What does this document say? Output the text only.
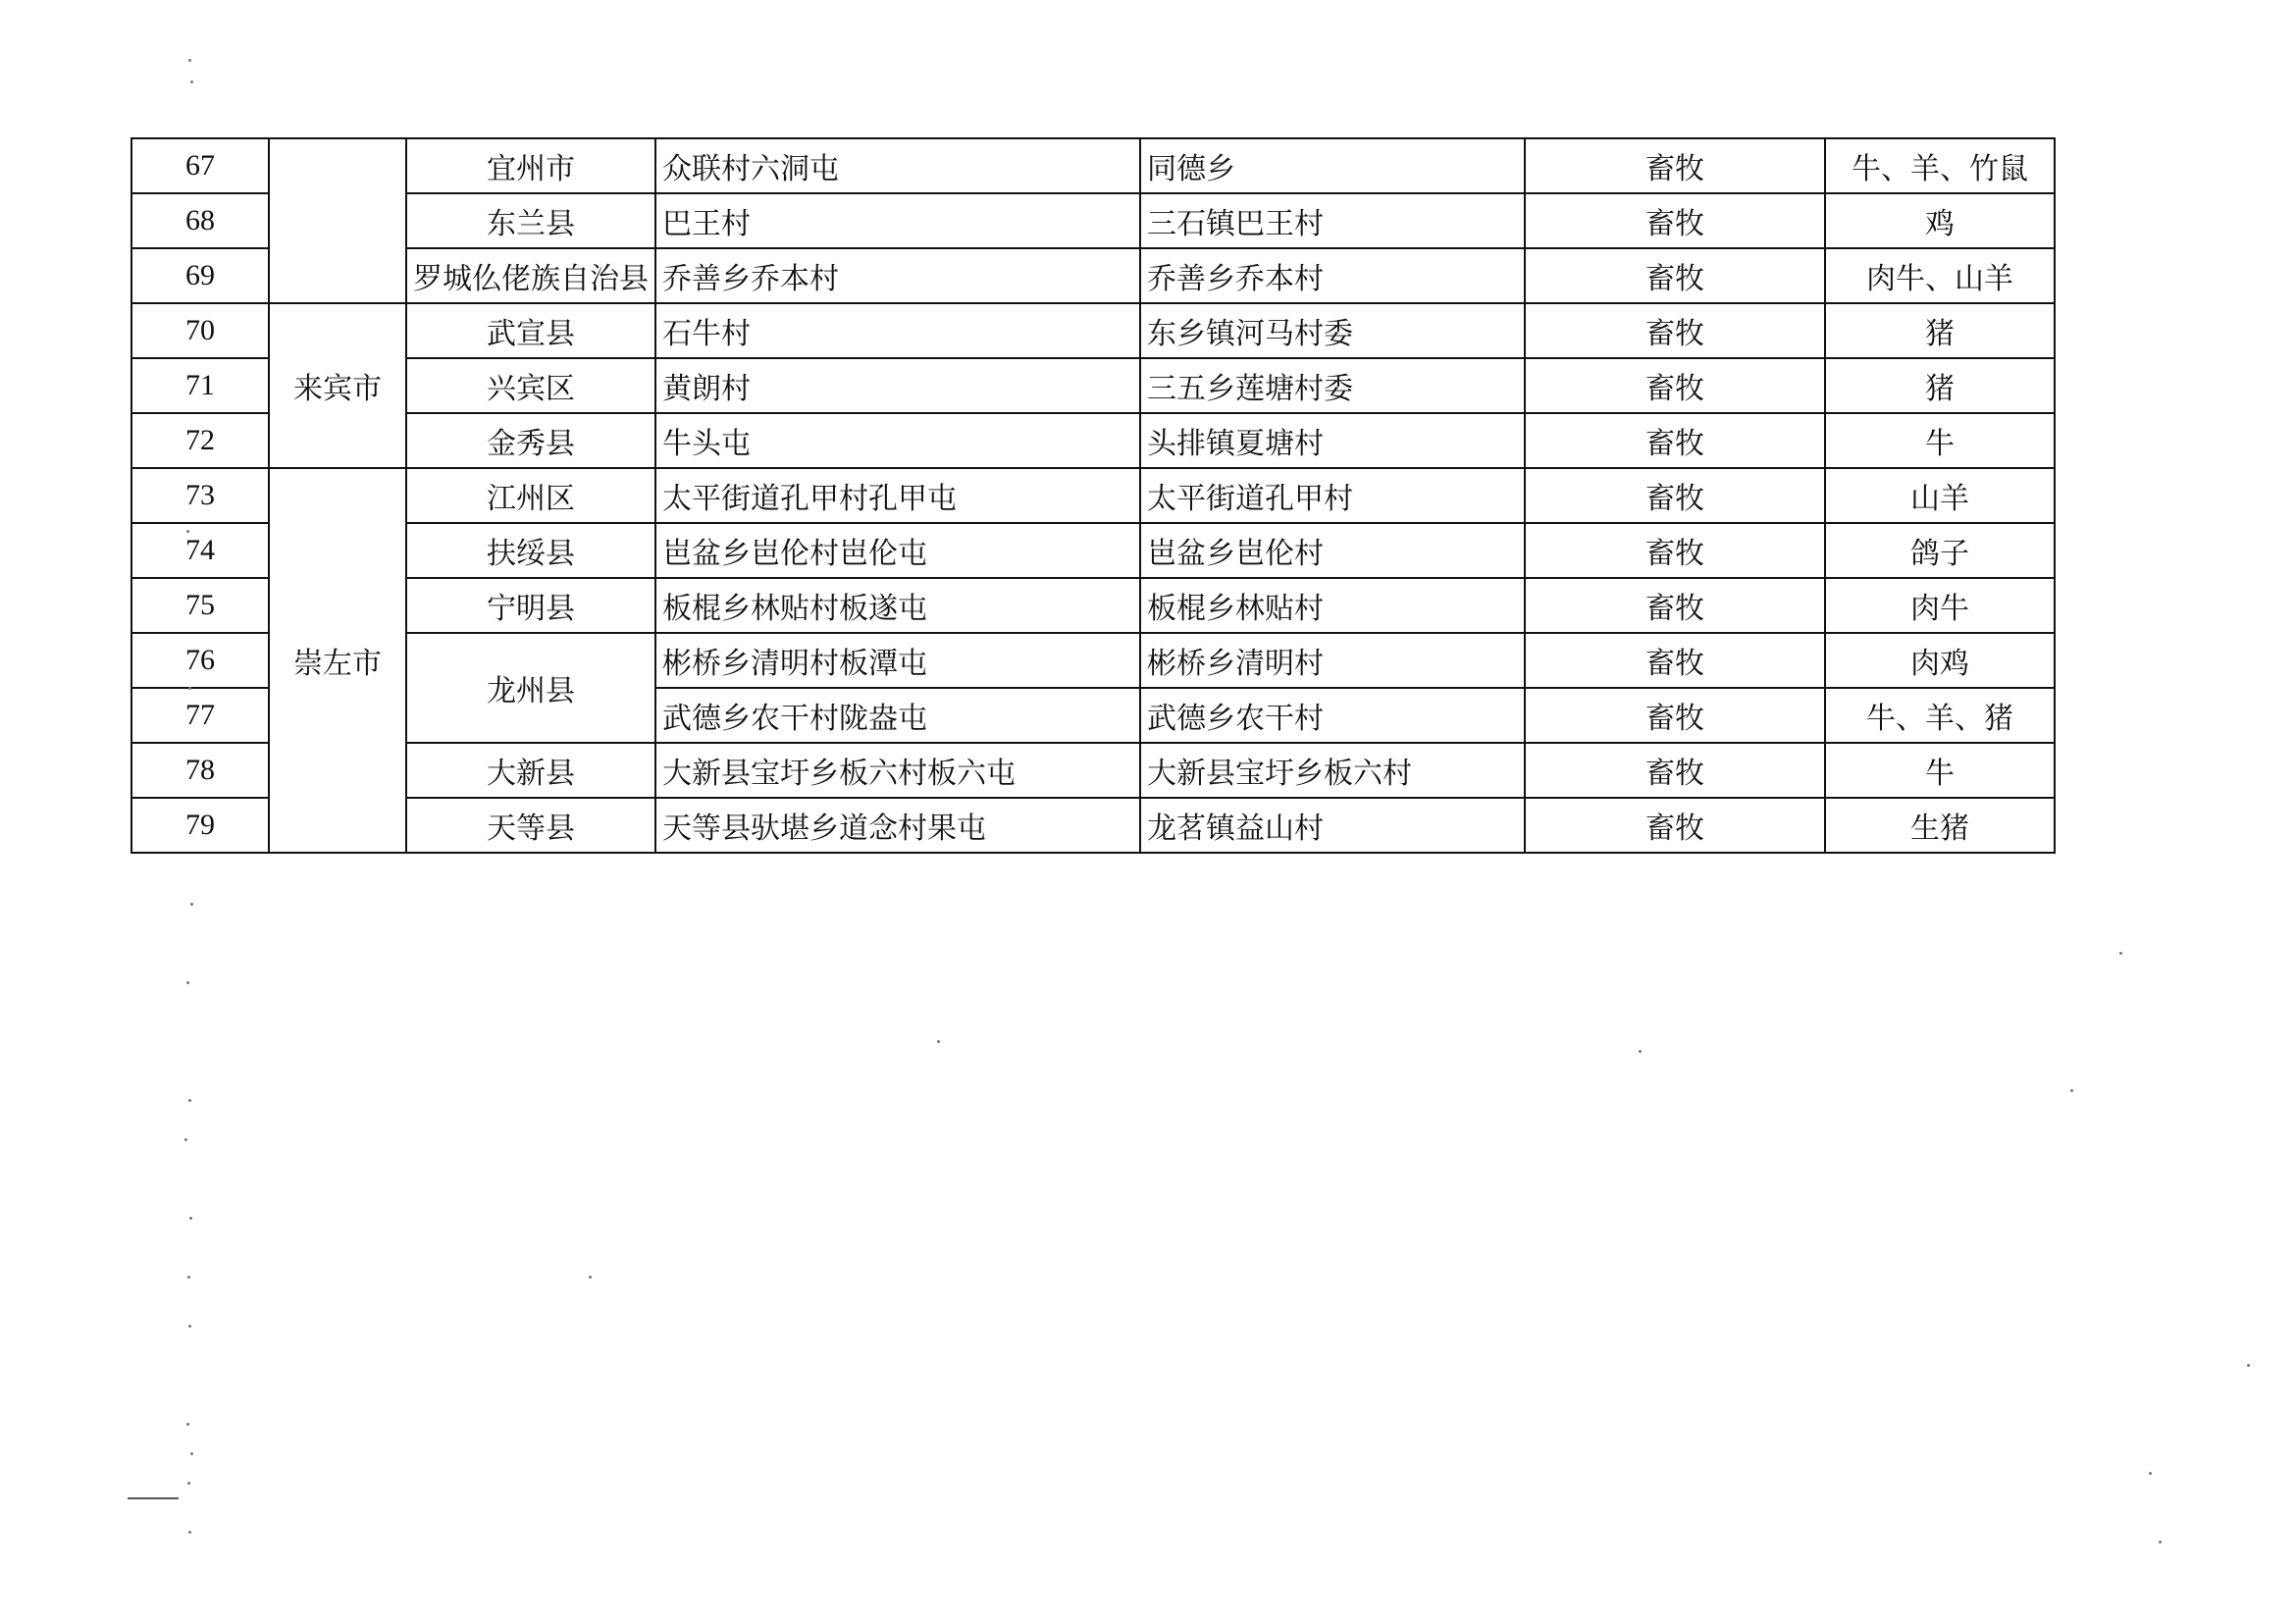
67		宜州市	众联村六洞屯	同德乡	畜牧	牛、羊、竹鼠
68		东兰县	巴王村	三石镇巴王村	畜牧	鸡
69		罗城仫佬族自治县	乔善乡乔本村	乔善乡乔本村	畜牧	肉牛、山羊
70	来宾市	武宣县	石牛村	东乡镇河马村委	畜牧	猪
71		兴宾区	黄朗村	三五乡莲塘村委	畜牧	猪
72		金秀县	牛头屯	头排镇夏塘村	畜牧	牛
73	崇左市	江州区	太平街道孔甲村孔甲屯	太平街道孔甲村	畜牧	山羊
74		扶绥县	岜盆乡岜伦村岜伦屯	岜盆乡岜伦村	畜牧	鸽子
75		宁明县	板棍乡林贴村板遂屯	板棍乡林贴村	畜牧	肉牛
76		龙州县	彬桥乡清明村板潭屯	彬桥乡清明村	畜牧	肉鸡
77			武德乡农干村陇盎屯	武德乡农干村	畜牧	牛、羊、猪
78		大新县	大新县宝圩乡板六村板六屯	大新县宝圩乡板六村	畜牧	牛
79		天等县	天等县驮堪乡道念村果屯	龙茗镇益山村	畜牧	生猪
